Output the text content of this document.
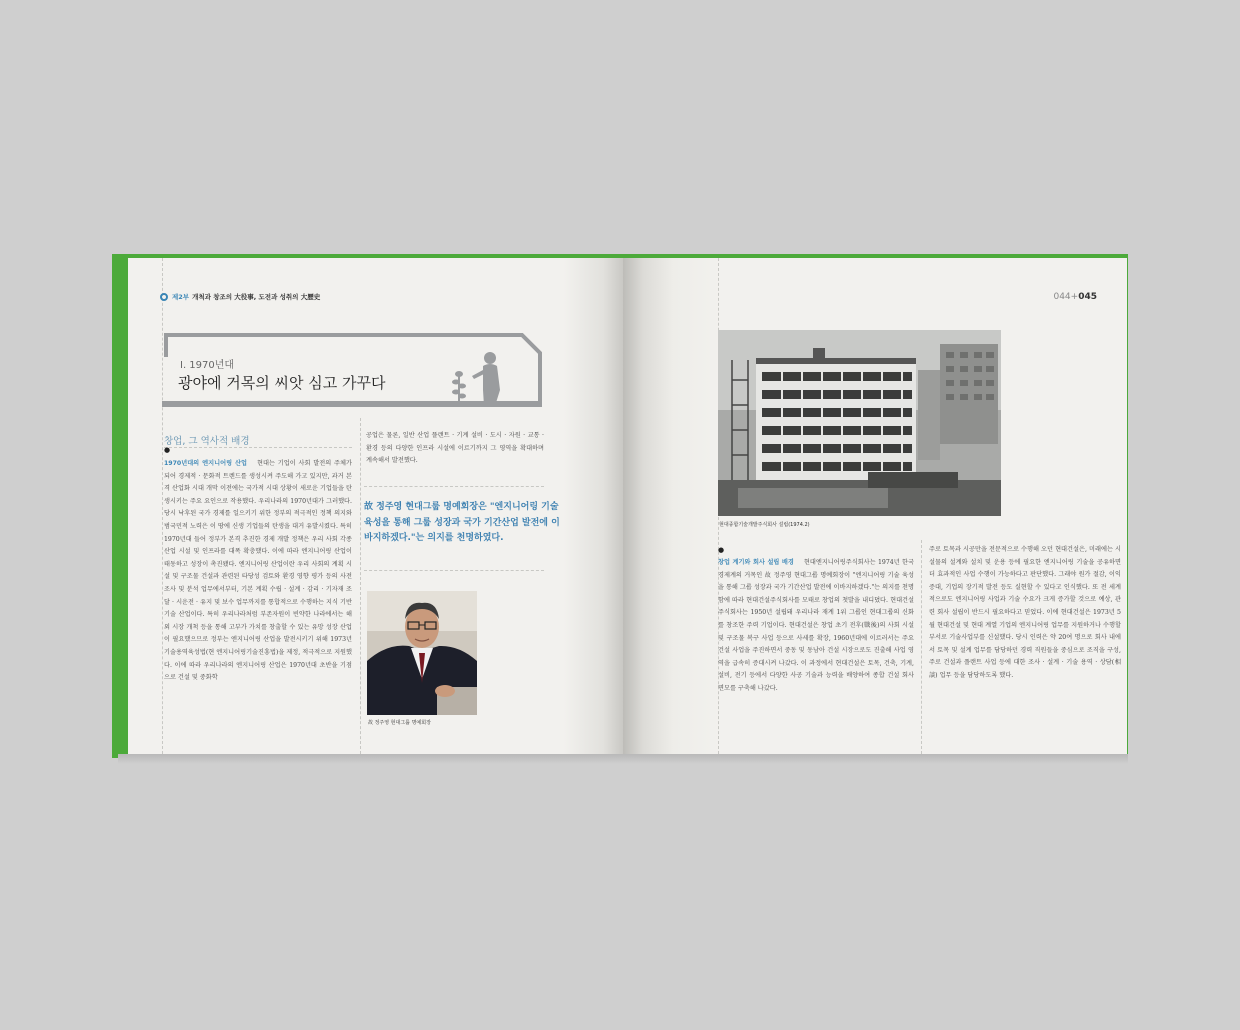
제2부 개척과 창조의 大役事, 도전과 성취의 大歷史
I. 1970년대
광야에 거목의 씨앗 심고 가꾸다
창업, 그 역사적 배경
●
1970년대의 엔지니어링 산업 현대는 기업이 사회 발전의 주체가 되어 경제적 · 문화적 트렌드를 생성시켜 주도해 가고 있지만, 과거 본격 산업화 시대 개막 이전에는 국가적 시대 상황이 새로운 기업들을 탄생시키는 주요 요인으로 작용했다. 우리나라의 1970년대가 그러했다. 당시 낙후된 국가 경제를 일으키기 위한 정부의 적극적인 정책 의지와 범국민적 노력은 이 땅에 신생 기업들의 탄생을 대거 유발시켰다. 특히 1970년대 들어 정부가 본격 추진한 경제 개발 정책은 우리 사회 각종 산업 시설 및 인프라를 대폭 확충했다. 이에 따라 엔지니어링 산업이 태동하고 성장이 촉진됐다. 엔지니어링 산업이란 우리 사회의 계획 시설 및 구조물 건설과 관련된 타당성 검토와 환경 영향 평가 등의 사전 조사 및 분석 업무에서부터, 기본 계획 수립 · 설계 · 감리 · 기자재 조달 · 시운전 · 유지 및 보수 업무까지를 통합적으로 수행하는 지식 기반 기술 산업이다. 특히 우리나라처럼 부존자원이 빈약한 나라에서는 해외 시장 개척 등을 통해 고부가 가치를 창출할 수 있는 유망 성장 산업이 필요했으므로 정부는 엔지니어링 산업을 발전시키기 위해 1973년 기술용역육성법(현 엔지니어링기술진흥법)을 제정, 적극적으로 지원했다. 이에 따라 우리나라의 엔지니어링 산업은 1970년대 초반을 기점으로 건설 및 중화학
공업은 물론, 일반 산업 플랜트 · 기계 설비 · 도시 · 자원 · 교통 · 환경 등의 다양한 인프라 시설에 이르기까지 그 영역을 확대하며 계속해서 발전했다.
故 정주영 현대그룹 명예회장은 "엔지니어링 기술 육성을 통해 그룹 성장과 국가 기간산업 발전에 이바지하겠다."는 의지를 천명하였다.
故 정주영 현대그룹 명예회장
044+045
현대종합기술개발주식회사 설립(1974.2)
●
창업 계기와 회사 설립 배경 현대엔지니어링주식회사는 1974년 한국 경제계의 거목인 故 정주영 현대그룹 명예회장이 "엔지니어링 기술 육성을 통해 그룹 성장과 국가 기간산업 발전에 이바지하겠다."는 의지를 천명함에 따라 현대건설주식회사를 모태로 창업의 첫발을 내디뎠다. 현대건설주식회사는 1950년 설립돼 우리나라 재계 1위 그룹인 현대그룹의 신화를 창조한 주력 기업이다. 현대건설은 창업 초기 전후(戰後)의 사회 시설 및 구조물 복구 사업 등으로 사세를 확장, 1960년대에 이르러서는 주요 건설 사업을 주진하면서 중동 및 동남아 건설 시장으로도 진출해 사업 영역을 급속히 증대시켜 나갔다. 이 과정에서 현대건설은 토목, 건축, 기계, 설비, 전기 등에서 다양한 사공 기술과 능력을 배양하여 종합 건설 회사 면모를 구축해 나갔다.
주로 토목과 시공만을 전문적으로 수행해 오던 현대건설은, 미래에는 시설물의 설계와 설치 및 운용 등에 필요한 엔지니어링 기술을 공유하면 더 효과적인 사업 수행이 가능하다고 판단했다. 그래야 원가 절감, 이익 증대, 기업의 장기적 발전 등도 실현할 수 있다고 인식했다. 또 전 세계적으로도 엔지니어링 사업과 기술 수요가 크게 증가할 것으로 예상, 관련 회사 설립이 반드시 필요하다고 믿었다. 이에 현대건설은 1973년 5월 현대건설 및 현대 계열 기업의 엔지니어링 업무를 지원하거나 수행할 부서로 기술사업부를 신설했다. 당시 인력은 약 20여 명으로 회사 내에서 토목 및 설계 업무를 담당하던 경력 직원들을 중심으로 조직을 구성, 주로 건설과 플랜트 사업 등에 대한 조사 · 설계 · 기술 용역 · 상담(相談) 업무 등을 담당하도록 했다.
